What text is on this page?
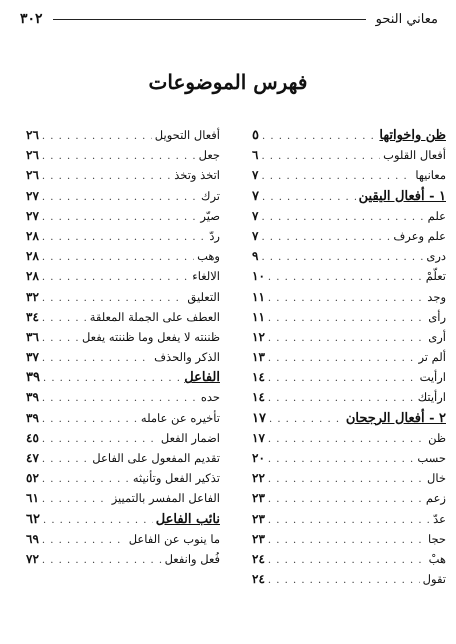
٣٠٢	معاني النحو
فهرس الموضوعات
ظن واخواتها
. . .
٥
أفعال القلوب
. . .
٦
معانيها
. . .
٧
١ - أفعال اليقين
. . .
٧
علم
. . .
٧
علم وعرف
. . .
٧
درى
. . .
٩
تعلّمْ
. . .
١٠
وجد
. . .
١١
رأى
. . .
١١
أرى
. . .
١٢
ألم تر
. . .
١٣
ارأيت
. . .
١٤
ارأيتك
. . .
١٤
٢ - أفعال الرجحان
. . .
١٧
ظن
. . .
١٧
حسب
. . .
٢٠
خال
. . .
٢٢
زعم
. . .
٢٣
عدّ
. . .
٢٣
حجا
. . .
٢٣
هبْ
. . .
٢٤
تقول
. . .
٢٤
أفعال التحويل
. . .
٢٦
جعل
. . .
٢٦
اتخذ وتخذ
. . .
٢٦
ترك
. . .
٢٧
صيّر
. . .
٢٧
ردّ
. . .
٢٨
وهب
. . .
٢٨
الالغاء
. . .
٢٨
التعليق
. . .
٣٢
العطف على الجملة المعلقة
. . .
٣٤
ظننته لا يفعل وما ظننته يفعل
. . .
٣٦
الذكر والحذف
. . .
٣٧
الفاعل
. . .
٣٩
حده
. . .
٣٩
تأخيره عن عامله
. . .
٣٩
اضمار الفعل
. . .
٤٥
تقديم المفعول على الفاعل
. . .
٤٧
تذكير الفعل وتأنيثه
. . .
٥٢
الفاعل المفسر بالتمييز
. . .
٦١
نائب الفاعل
. . .
٦٢
ما ينوب عن الفاعل
. . .
٦٩
فُعل وانفعل
. . .
٧٢
